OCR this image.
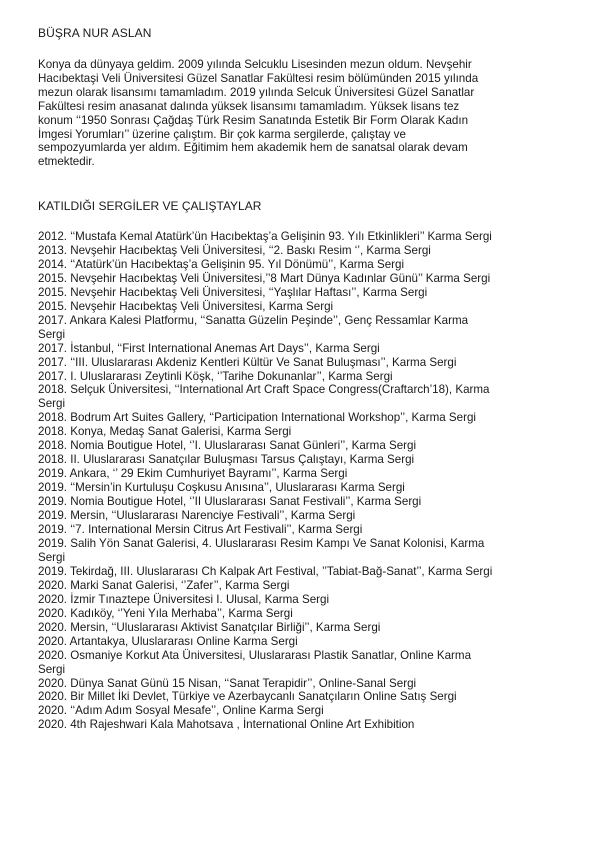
BÜŞRA NUR ASLAN
Konya da dünyaya geldim. 2009 yılında Selcuklu Lisesinden mezun oldum. Nevşehir
Hacıbektaşi Veli Üniversitesi Güzel Sanatlar Fakültesi resim bölümünden 2015 yılında
mezun olarak lisansımı tamamladım. 2019 yılında Selcuk Üniversitesi Güzel Sanatlar
Fakültesi resim anasanat dalında yüksek lisansımı tamamladım. Yüksek lisans tez
konum ‘‘1950 Sonrası Çağdaş Türk Resim Sanatında Estetik Bir Form Olarak Kadın
İmgesi Yorumları’’ üzerine çalıştım. Bir çok karma sergilerde, çalıştay ve
sempozyumlarda yer aldım. Eğitimim hem akademik hem de sanatsal olarak devam
etmektedir.
KATILDIĞI SERGİLER VE ÇALIŞTAYLAR
2012. ‘‘Mustafa Kemal Atatürk’ün Hacıbektaş’a Gelişinin 93. Yılı Etkinlikleri’’ Karma Sergi
2013. Nevşehir Hacıbektaş Veli Üniversitesi, ‘‘2. Baskı Resim ‘’, Karma Sergi
2014. ‘‘Atatürk’ün Hacıbektaş’a Gelişinin 95. Yıl Dönümü’’, Karma Sergi
2015. Nevşehir Hacıbektaş Veli Üniversitesi,’’8 Mart Dünya Kadınlar Günü’’ Karma Sergi
2015. Nevşehir Hacıbektaş Veli Üniversitesi, ‘‘Yaşlılar Haftası’’, Karma Sergi
2015. Nevşehir Hacıbektaş Veli Üniversitesi, Karma Sergi
2017. Ankara Kalesi Platformu, ‘‘Sanatta Güzelin Peşinde’’, Genç Ressamlar Karma
Sergi
2017. İstanbul, ‘‘First International Anemas Art Days’’, Karma Sergi
2017. ‘‘III. Uluslararası Akdeniz Kentleri Kültür Ve Sanat Buluşması’’, Karma Sergi
2017. I. Uluslararası Zeytinli Köşk, ‘’Tarihe Dokunanlar’’, Karma Sergi
2018. Selçuk Üniversitesi, ‘‘International Art Craft Space Congress(Craftarch’18), Karma
Sergi
2018. Bodrum Art Suites Gallery, ‘‘Participation International Workshop’’, Karma Sergi
2018. Konya, Medaş Sanat Galerisi, Karma Sergi
2018. Nomia Boutigue Hotel, ‘’I. Uluslararası Sanat Günleri’’, Karma Sergi
2018. II. Uluslararası Sanatçılar Buluşması Tarsus Çalıştayı, Karma Sergi
2019. Ankara, ‘’ 29 Ekim Cumhuriyet Bayramı’’, Karma Sergi
2019. ‘‘Mersin’in Kurtuluşu Coşkusu Anısına’’, Uluslararası Karma Sergi
2019. Nomia Boutigue Hotel, ‘’II Uluslararası Sanat Festivali’’, Karma Sergi
2019. Mersin, ‘‘Uluslararası Narenciye Festivali’’, Karma Sergi
2019. ‘‘7. International Mersin Citrus Art Festivali’’, Karma Sergi
2019. Salih Yön Sanat Galerisi, 4. Uluslararası Resim Kampı Ve Sanat Kolonisi, Karma
Sergi
2019. Tekirdağ, III. Uluslararası Ch Kalpak Art Festival, ’’Tabiat-Bağ-Sanat’’, Karma Sergi
2020. Marki Sanat Galerisi, ‘’Zafer’’, Karma Sergi
2020. İzmir Tınaztepe Üniversitesi I. Ulusal, Karma Sergi
2020. Kadıköy, ‘’Yeni Yıla Merhaba’’, Karma Sergi
2020. Mersin, ‘‘Uluslararası Aktivist Sanatçılar Birliği’’, Karma Sergi
2020. Artantakya, Uluslararası Online Karma Sergi
2020. Osmaniye Korkut Ata Üniversitesi, Uluslararası Plastik Sanatlar, Online Karma
Sergi
2020. Dünya Sanat Günü 15 Nisan, ‘‘Sanat Terapidir’’, Online-Sanal Sergi
2020. Bir Millet İki Devlet, Türkiye ve Azerbaycanlı Sanatçıların Online Satış Sergi
2020. ‘‘Adım Adım Sosyal Mesafe’’, Online Karma Sergi
2020. 4th Rajeshwari Kala Mahotsava , İnternational Online Art Exhibition
